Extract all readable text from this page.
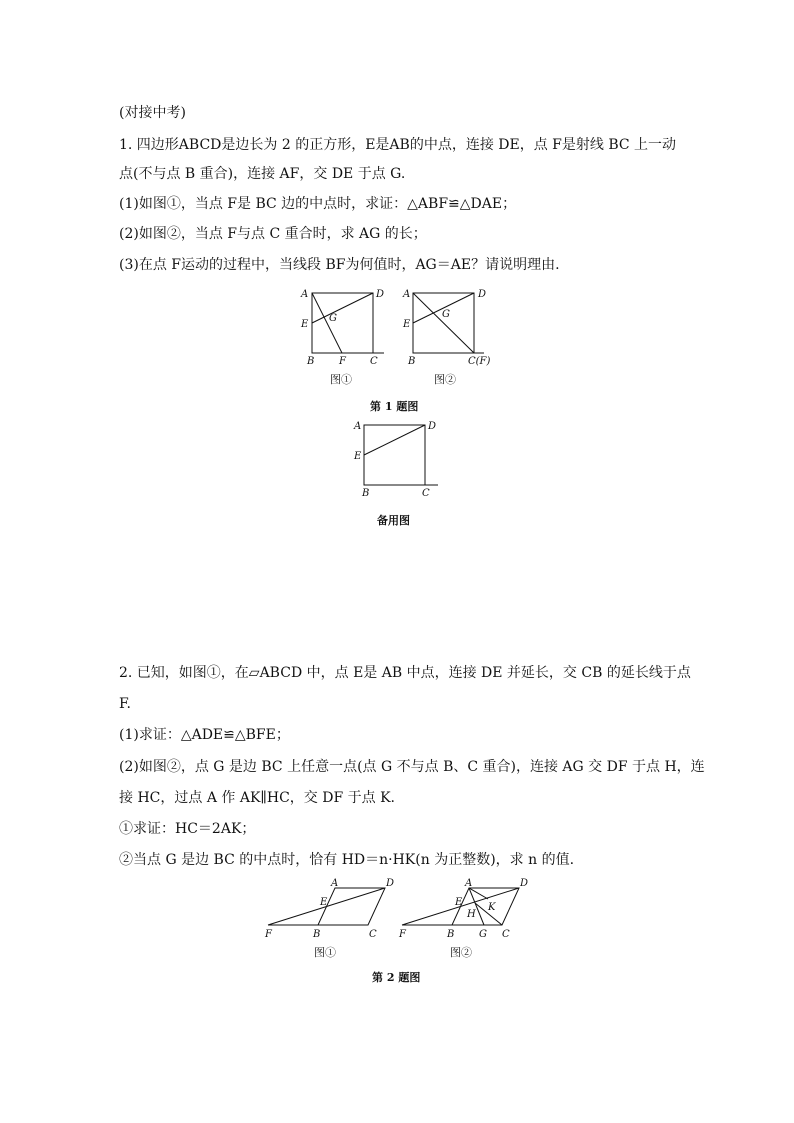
(对接中考)
1. 四边形ABCD是边长为 2 的正方形，E是AB的中点，连接 DE，点 F是射线 BC 上一动
点(不与点 B 重合)，连接 AF，交 DE 于点 G.
(1)如图①，当点 F是 BC 边的中点时，求证：△ABF≌△DAE；
(2)如图②，当点 F与点 C 重合时，求 AG 的长；
(3)在点 F运动的过程中，当线段 BF为何值时，AG＝AE？请说明理由.
A	D
E
G
B F C
图①
A	D
E
G
B	C(F)
图②
第 1 题图
A	D
E
B	C
备用图
2. 已知，如图①，在▱ABCD 中，点 E是 AB 中点，连接 DE 并延长，交 CB 的延长线于点
F.
(1)求证：△ADE≌△BFE；
(2)如图②，点 G 是边 BC 上任意一点(点 G 不与点 B、C 重合)，连接 AG 交 DF 于点 H，连
接 HC，过点 A 作 AK∥HC，交 DF 于点 K.
①求证：HC＝2AK；
②当点 G 是边 BC 的中点时，恰有 HD＝n·HK(n 为正整数)，求 n 的值.
A	D
E
F	B	C
图①
A	D
E
H
K
F	B G C
图②
第 2 题图
